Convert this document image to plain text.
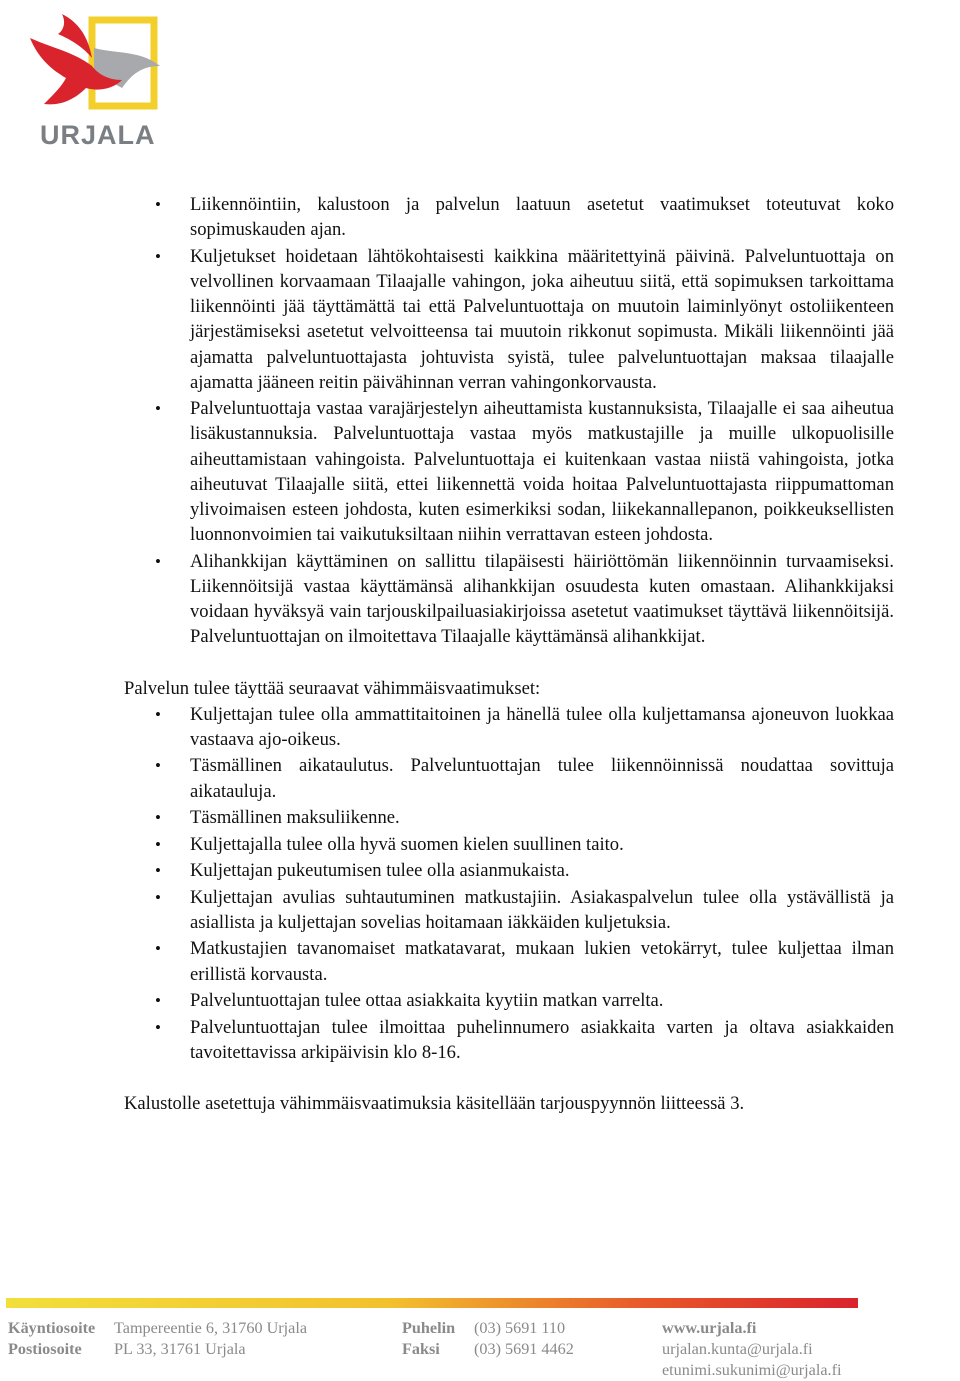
URJALA
• Liikennöintiin, kalustoon ja palvelun laatuun asetetut vaatimukset toteutuvat koko sopimuskauden ajan.
• Kuljetukset hoidetaan lähtökohtaisesti kaikkina määritettyinä päivinä. Palveluntuottaja on velvollinen korvaamaan Tilaajalle vahingon, joka aiheutuu siitä, että sopimuksen tarkoittama liikennöinti jää täyttämättä tai että Palveluntuottaja on muutoin laiminlyönyt ostoliikenteen järjestämiseksi asetetut velvoitteensa tai muutoin rikkonut sopimusta. Mikäli liikennöinti jää ajamatta palveluntuottajasta johtuvista syistä, tulee palveluntuottajan maksaa tilaajalle ajamatta jääneen reitin päivähinnan verran vahingonkorvausta.
• Palveluntuottaja vastaa varajärjestelyn aiheuttamista kustannuksista, Tilaajalle ei saa aiheutua lisäkustannuksia. Palveluntuottaja vastaa myös matkustajille ja muille ulkopuolisille aiheuttamistaan vahingoista. Palveluntuottaja ei kuitenkaan vastaa niistä vahingoista, jotka aiheutuvat Tilaajalle siitä, ettei liikennettä voida hoitaa Palveluntuottajasta riippumattoman ylivoimaisen esteen johdosta, kuten esimerkiksi sodan, liikekannallepanon, poikkeuksellisten luonnonvoimien tai vaikutuksiltaan niihin verrattavan esteen johdosta.
• Alihankkijan käyttäminen on sallittu tilapäisesti häiriöttömän liikennöinnin turvaamiseksi. Liikennöitsijä vastaa käyttämänsä alihankkijan osuudesta kuten omastaan. Alihankkijaksi voidaan hyväksyä vain tarjouskilpailuasiakirjoissa asetetut vaatimukset täyttävä liikennöitsijä. Palveluntuottajan on ilmoitettava Tilaajalle käyttämänsä alihankkijat.

Palvelun tulee täyttää seuraavat vähimmäisvaatimukset:

• Kuljettajan tulee olla ammattitaitoinen ja hänellä tulee olla kuljettamansa ajoneuvon luokkaa vastaava ajo-oikeus.
• Täsmällinen aikataulutus. Palveluntuottajan tulee liikennöinnissä noudattaa sovittuja aikatauluja.
• Täsmällinen maksuliikenne.
• Kuljettajalla tulee olla hyvä suomen kielen suullinen taito.
• Kuljettajan pukeutumisen tulee olla asianmukaista.
• Kuljettajan avulias suhtautuminen matkustajiin. Asiakaspalvelun tulee olla ystävällistä ja asiallista ja kuljettajan sovelias hoitamaan iäkkäiden kuljetuksia.
• Matkustajien tavanomaiset matkatavarat, mukaan lukien vetokärryt, tulee kuljettaa ilman erillistä korvausta.
• Palveluntuottajan tulee ottaa asiakkaita kyytiin matkan varrelta.
• Palveluntuottajan tulee ilmoittaa puhelinnumero asiakkaita varten ja oltava asiakkaiden tavoitettavissa arkipäivisin klo 8-16.

Kalustolle asetettuja vähimmäisvaatimuksia käsitellään tarjouspyynnön liitteessä 3.

Käyntiosoite
Postiosoite
Tampereentie 6, 31760 Urjala
PL 33, 31761 Urjala
Puhelin
Faksi
(03) 5691 110
(03) 5691 4462
www.urjala.fi
urjalan.kunta@urjala.fi
etunimi.sukunimi@urjala.fi
